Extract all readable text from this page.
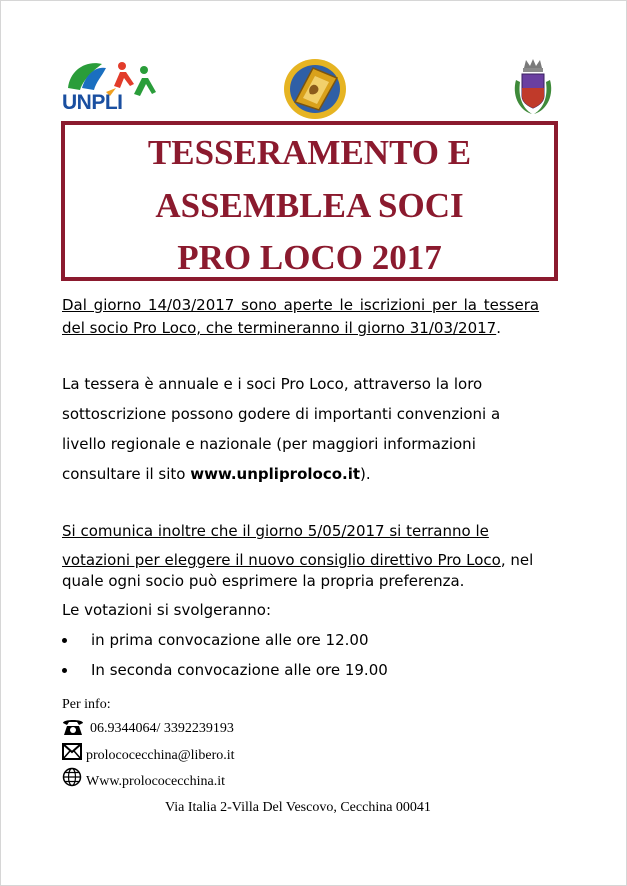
UNPLI
TESSERAMENTO E
ASSEMBLEA SOCI
PRO LOCO 2017
Dal giorno 14/03/2017 sono aperte le iscrizioni per la tessera
del socio Pro Loco, che termineranno il giorno 31/03/2017.
La tessera è annuale e i soci Pro Loco, attraverso la loro
sottoscrizione possono godere di importanti convenzioni a
livello regionale e nazionale (per maggiori informazioni
consultare il sito www.unpliproloco.it).
Si comunica inoltre che il giorno 5/05/2017 si terranno le
votazioni per eleggere il nuovo consiglio direttivo Pro Loco, nel
quale ogni socio può esprimere la propria preferenza.
Le votazioni si svolgeranno:
in prima convocazione alle ore 12.00
In seconda convocazione alle ore 19.00
Per info:
06.9344064/ 3392239193
prolococecchina@libero.it
Www.prolococecchina.it
Via Italia 2-Villa Del Vescovo, Cecchina 00041
